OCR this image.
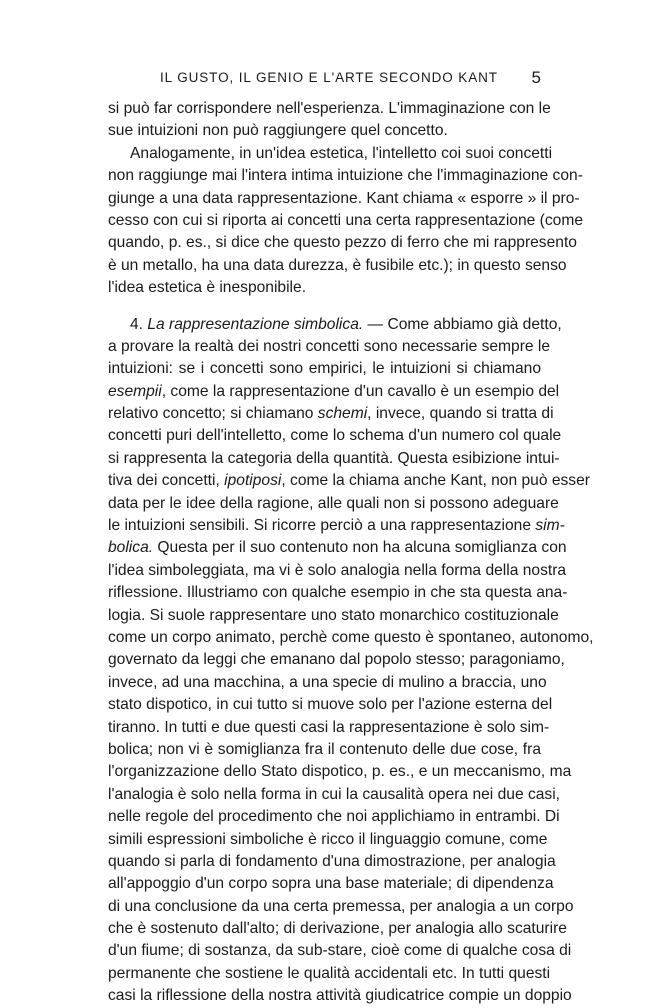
IL GUSTO, IL GENIO E L'ARTE SECONDO KANT 5
si può far corrispondere nell'esperienza. L'immaginazione con le
sue intuizioni non può raggiungere quel concetto.
Analogamente, in un'idea estetica, l'intelletto coi suoi concetti
non raggiunge mai l'intera intima intuizione che l'immaginazione con-
giunge a una data rappresentazione. Kant chiama « esporre » il pro-
cesso con cui si riporta ai concetti una certa rappresentazione (come
quando, p. es., si dice che questo pezzo di ferro che mi rappresento
è un metallo, ha una data durezza, è fusibile etc.); in questo senso
l'idea estetica è inesponibile.
4. La rappresentazione simbolica. — Come abbiamo già detto,
a provare la realtà dei nostri concetti sono necessarie sempre le
intuizioni: se i concetti sono empirici, le intuizioni si chiamano
esempii, come la rappresentazione d'un cavallo è un esempio del
relativo concetto; si chiamano schemi, invece, quando si tratta di
concetti puri dell'intelletto, come lo schema d'un numero col quale
si rappresenta la categoria della quantità. Questa esibizione intui-
tiva dei concetti, ipotiposi, come la chiama anche Kant, non può esser
data per le idee della ragione, alle quali non si possono adeguare
le intuizioni sensibili. Si ricorre perciò a una rappresentazione sim-
bolica. Questa per il suo contenuto non ha alcuna somiglianza con
l'idea simboleggiata, ma vi è solo analogia nella forma della nostra
riflessione. Illustriamo con qualche esempio in che sta questa ana-
logia. Si suole rappresentare uno stato monarchico costituzionale
come un corpo animato, perchè come questo è spontaneo, autonomo,
governato da leggi che emanano dal popolo stesso; paragoniamo,
invece, ad una macchina, a una specie di mulino a braccia, uno
stato dispotico, in cui tutto si muove solo per l'azione esterna del
tiranno. In tutti e due questi casi la rappresentazione è solo sim-
bolica; non vi è somiglianza fra il contenuto delle due cose, fra
l'organizzazione dello Stato dispotico, p. es., e un meccanismo, ma
l'analogia è solo nella forma in cui la causalità opera nei due casi,
nelle regole del procedimento che noi applichiamo in entrambi. Di
simili espressioni simboliche è ricco il linguaggio comune, come
quando si parla di fondamento d'una dimostrazione, per analogia
all'appoggio d'un corpo sopra una base materiale; di dipendenza
di una conclusione da una certa premessa, per analogia a un corpo
che è sostenuto dall'alto; di derivazione, per analogia allo scaturire
d'un fiume; di sostanza, da sub-stare, cioè come di qualche cosa di
permanente che sostiene le qualità accidentali etc. In tutti questi
casi la riflessione della nostra attività giudicatrice compie un doppio
